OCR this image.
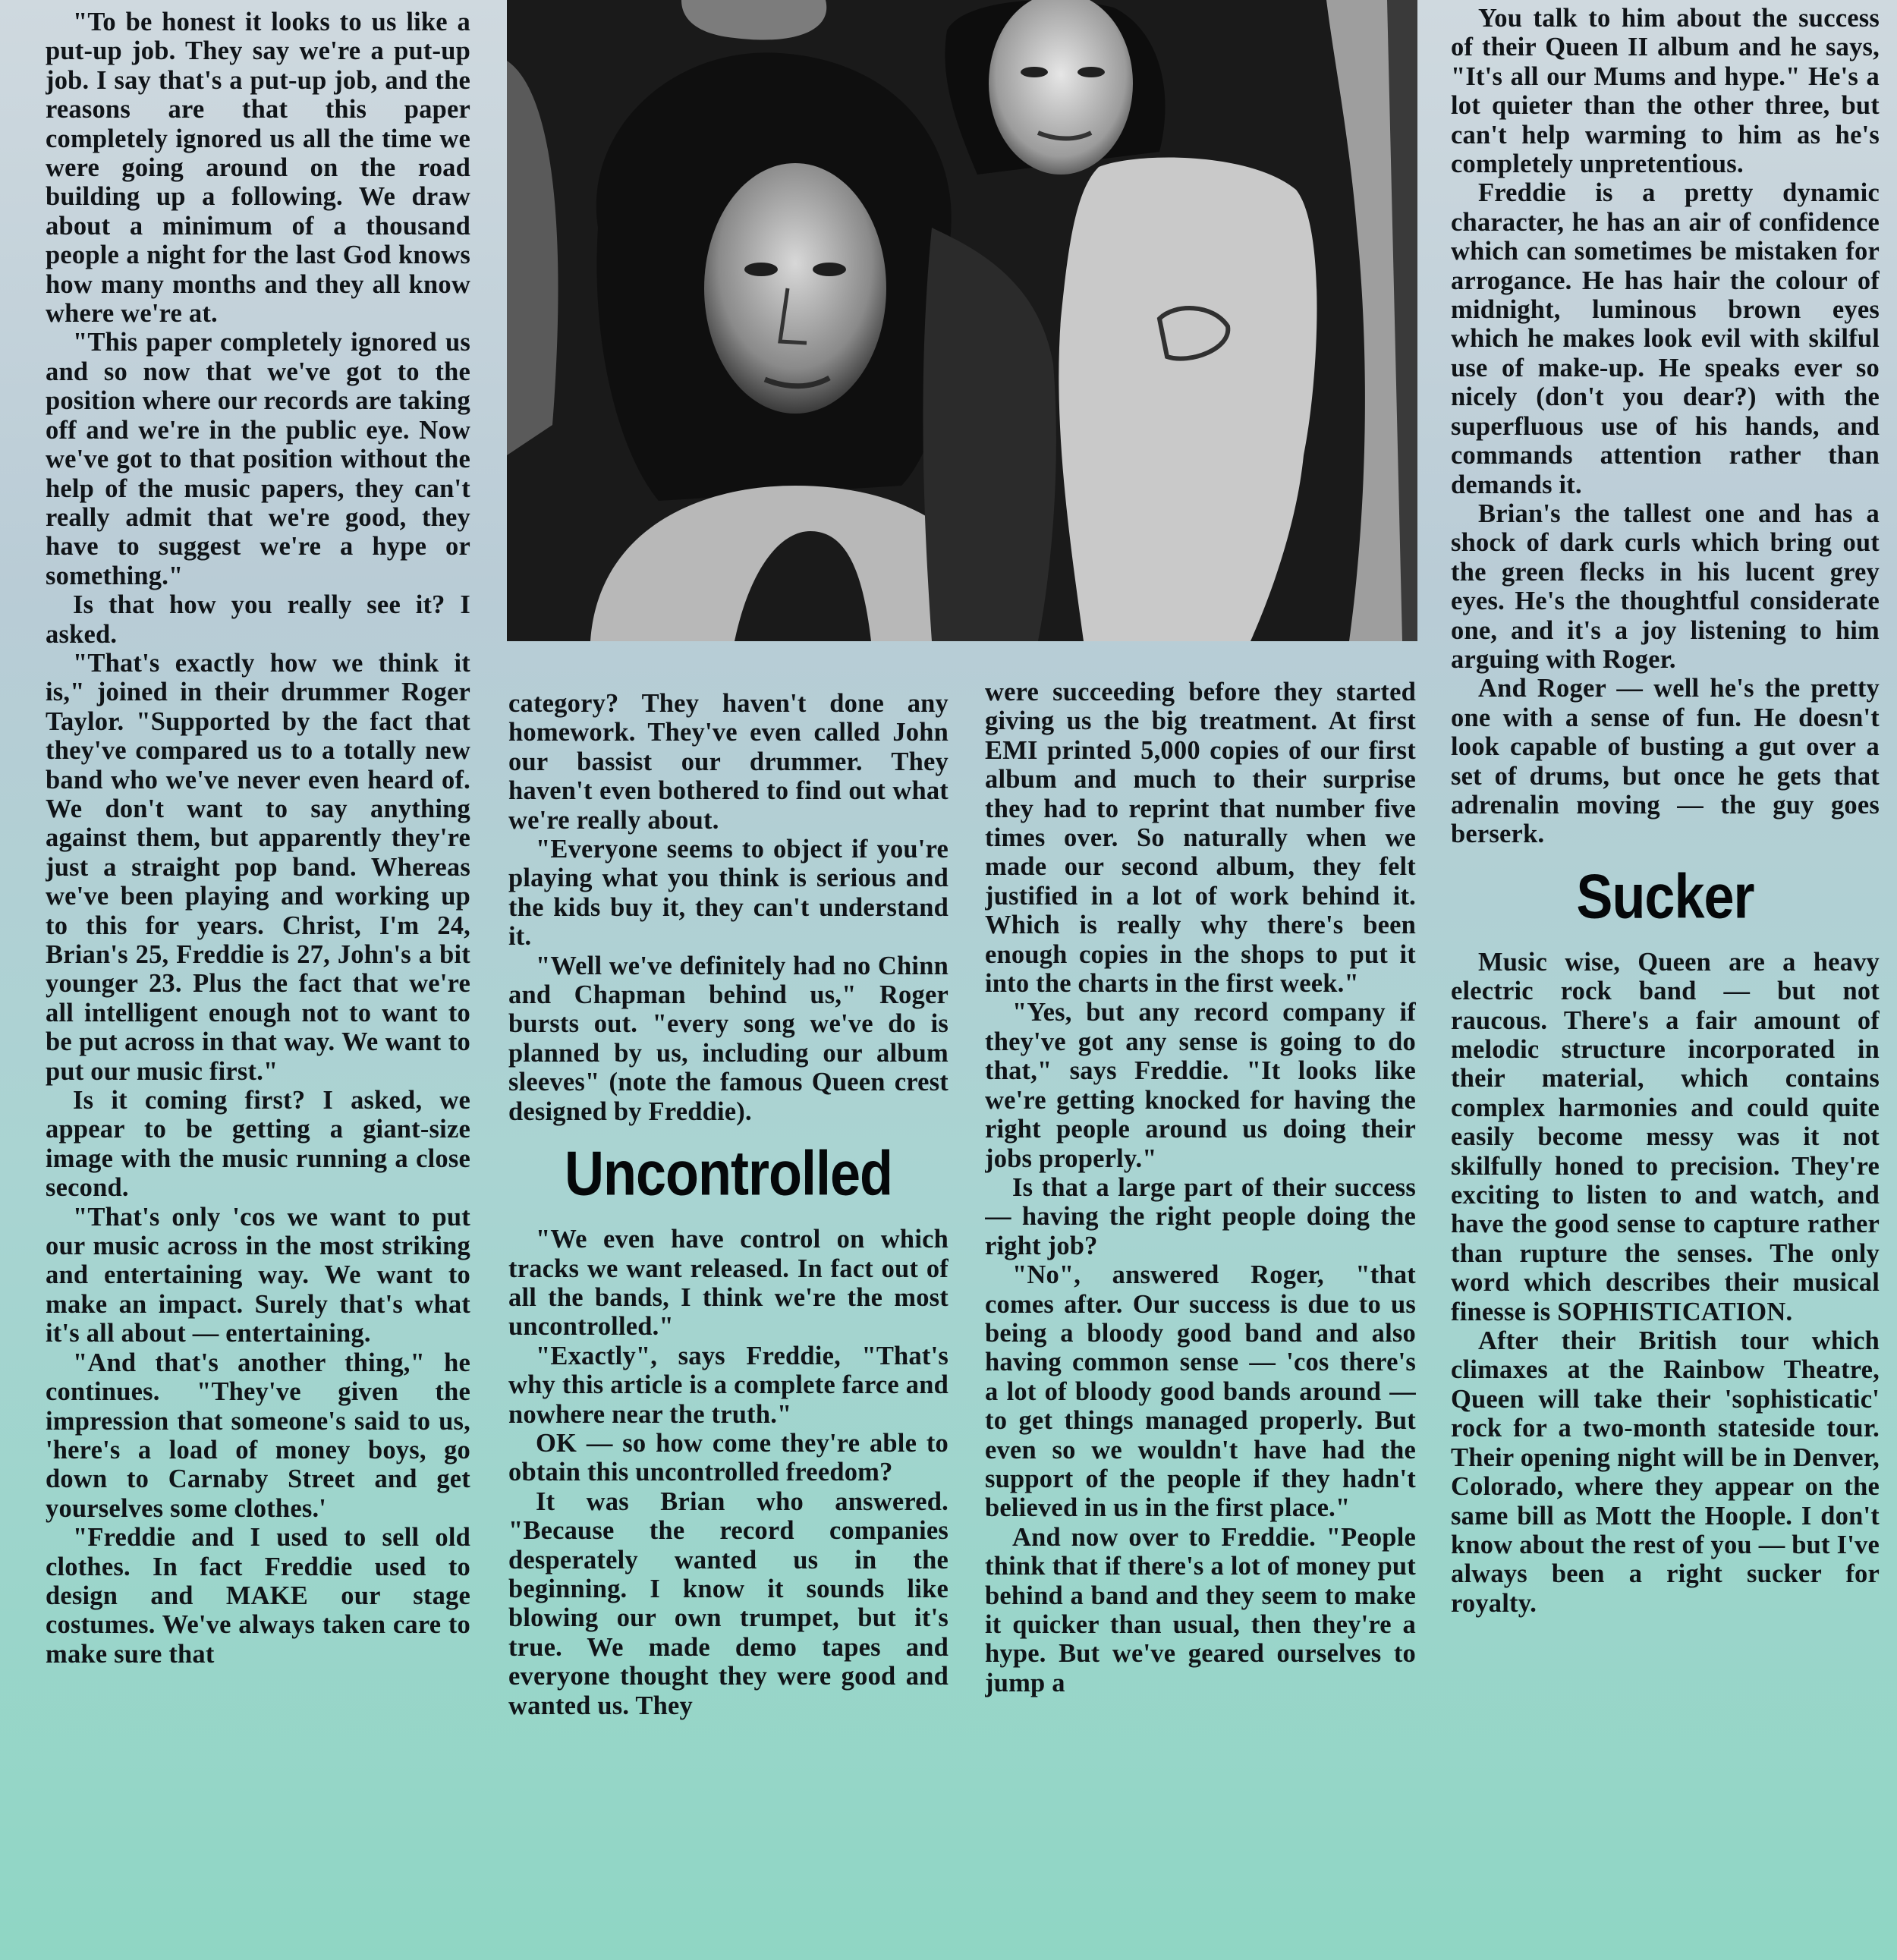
"To be honest it looks to us like a put-up job. They say we're a put-up job. I say that's a put-up job, and the reasons are that this paper completely ignored us all the time we were going around on the road building up a following. We draw about a minimum of a thousand people a night for the last God knows how many months and they all know where we're at.

"This paper completely ignored us and so now that we've got to the position where our records are taking off and we're in the public eye. Now we've got to that position without the help of the music papers, they can't really admit that we're good, they have to suggest we're a hype or something."

Is that how you really see it? I asked.

"That's exactly how we think it is," joined in their drummer Roger Taylor. "Supported by the fact that they've compared us to a totally new band who we've never even heard of. We don't want to say anything against them, but apparently they're just a straight pop band. Whereas we've been playing and working up to this for years. Christ, I'm 24, Brian's 25, Freddie is 27, John's a bit younger 23. Plus the fact that we're all intelligent enough not to want to be put across in that way. We want to put our music first."

Is it coming first? I asked, we appear to be getting a giant-size image with the music running a close second.

"That's only 'cos we want to put our music across in the most striking and entertaining way. We want to make an impact. Surely that's what it's all about — entertaining.

"And that's another thing," he continues. "They've given the impression that someone's said to us, 'here's a load of money boys, go down to Carnaby Street and get yourselves some clothes.'

"Freddie and I used to sell old clothes. In fact Freddie used to design and MAKE our stage costumes. We've always taken care to make sure that

category? They haven't done any homework. They've even called John our bassist our drummer. They haven't even bothered to find out what we're really about.

"Everyone seems to object if you're playing what you think is serious and the kids buy it, they can't understand it.

"Well we've definitely had no Chinn and Chapman behind us," Roger bursts out. "every song we've do is planned by us, including our album sleeves" (note the famous Queen crest designed by Freddie).

Uncontrolled

"We even have control on which tracks we want released. In fact out of all the bands, I think we're the most uncontrolled."

"Exactly", says Freddie, "That's why this article is a complete farce and nowhere near the truth."

OK — so how come they're able to obtain this uncontrolled freedom?

It was Brian who answered. "Because the record companies desperately wanted us in the beginning. I know it sounds like blowing our own trumpet, but it's true. We made demo tapes and everyone thought they were good and wanted us. They

were succeeding before they started giving us the big treatment. At first EMI printed 5,000 copies of our first album and much to their surprise they had to reprint that number five times over. So naturally when we made our second album, they felt justified in a lot of work behind it. Which is really why there's been enough copies in the shops to put it into the charts in the first week."

"Yes, but any record company if they've got any sense is going to do that," says Freddie. "It looks like we're getting knocked for having the right people around us doing their jobs properly."

Is that a large part of their success — having the right people doing the right job?

"No", answered Roger, "that comes after. Our success is due to us being a bloody good band and also having common sense — 'cos there's a lot of bloody good bands around — to get things managed properly. But even so we wouldn't have had the support of the people if they hadn't believed in us in the first place."

And now over to Freddie. "People think that if there's a lot of money put behind a band and they seem to make it quicker than usual, then they're a hype. But we've geared ourselves to jump a

You talk to him about the success of their Queen II album and he says, "It's all our Mums and hype." He's a lot quieter than the other three, but can't help warming to him as he's completely unpretentious.

Freddie is a pretty dynamic character, he has an air of confidence which can sometimes be mistaken for arrogance. He has hair the colour of midnight, luminous brown eyes which he makes look evil with skilful use of make-up. He speaks ever so nicely (don't you dear?) with the superfluous use of his hands, and commands attention rather than demands it.

Brian's the tallest one and has a shock of dark curls which bring out the green flecks in his lucent grey eyes. He's the thoughtful considerate one, and it's a joy listening to him arguing with Roger.

And Roger — well he's the pretty one with a sense of fun. He doesn't look capable of busting a gut over a set of drums, but once he gets that adrenalin moving — the guy goes berserk.

Sucker

Music wise, Queen are a heavy electric rock band — but not raucous. There's a fair amount of melodic structure incorporated in their material, which contains complex harmonies and could quite easily become messy was it not skilfully honed to precision. They're exciting to listen to and watch, and have the good sense to capture rather than rupture the senses. The only word which describes their musical finesse is SOPHISTICATION.

After their British tour which climaxes at the Rainbow Theatre, Queen will take their 'sophisticatic' rock for a two-month stateside tour. Their opening night will be in Denver, Colorado, where they appear on the same bill as Mott the Hoople. I don't know about the rest of you — but I've always been a right sucker for royalty.
